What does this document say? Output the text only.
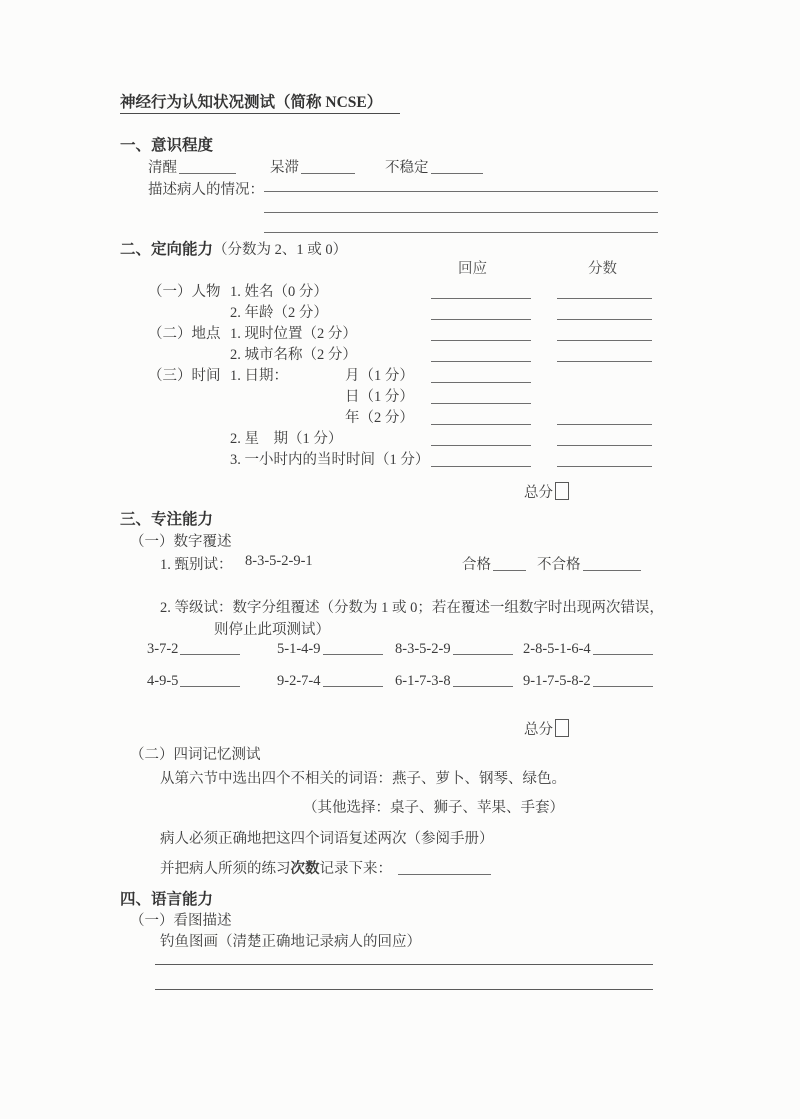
神经行为认知状况测试（简称 NCSE）
一、意识程度
清醒	呆滞	不稳定
描述病人的情况：
二、定向能力（分数为 2、1 或 0）
回应	分数
（一）人物 1. 姓名（0 分）
2. 年龄（2 分）
（二）地点 1. 现时位置（2 分）
2. 城市名称（2 分）
（三）时间 1. 日期：	月（1 分）
日（1 分）
年（2 分）
2. 星　期（1 分）
3. 一小时内的当时时间（1 分）
总分
三、专注能力
（一）数字覆述
1. 甄别试： 8-3-5-2-9-1	合格	不合格
2. 等级试：数字分组覆述（分数为 1 或 0；若在覆述一组数字时出现两次错误，
则停止此项测试）
3-7-2	5-1-4-9	8-3-5-2-9	2-8-5-1-6-4
4-9-5	9-2-7-4	6-1-7-3-8	9-1-7-5-8-2
总分
（二）四词记忆测试
从第六节中选出四个不相关的词语：燕子、萝卜、钢琴、绿色。
（其他选择：桌子、狮子、苹果、手套）
病人必须正确地把这四个词语复述两次（参阅手册）
并把病人所须的练习次数记录下来：
四、语言能力
（一）看图描述
钓鱼图画（清楚正确地记录病人的回应）
